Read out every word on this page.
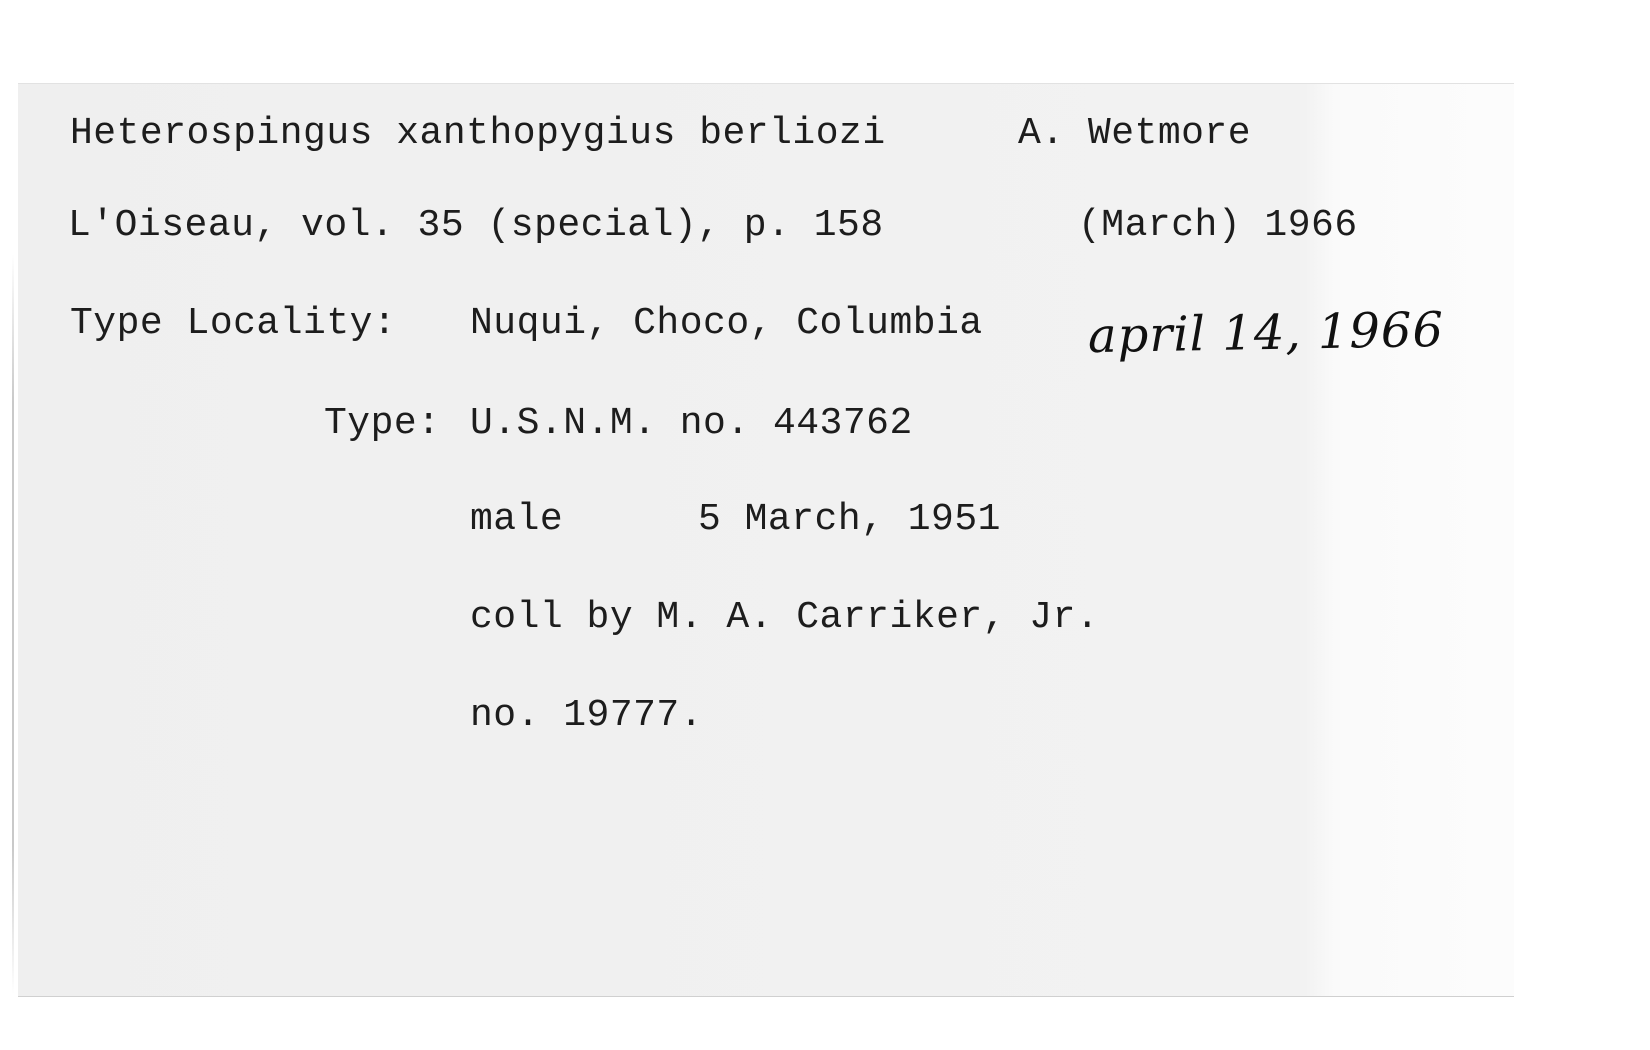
Heterospingus xanthopygius berliozi	A. Wetmore
L'Oiseau, vol. 35 (special), p. 158	(March) 1966
Type Locality: Nuqui, Choco, Columbia
Type: U.S.N.M. no. 443762
male	5 March, 1951
coll by M. A. Carriker, Jr.
no. 19777.
april 14, 1966
